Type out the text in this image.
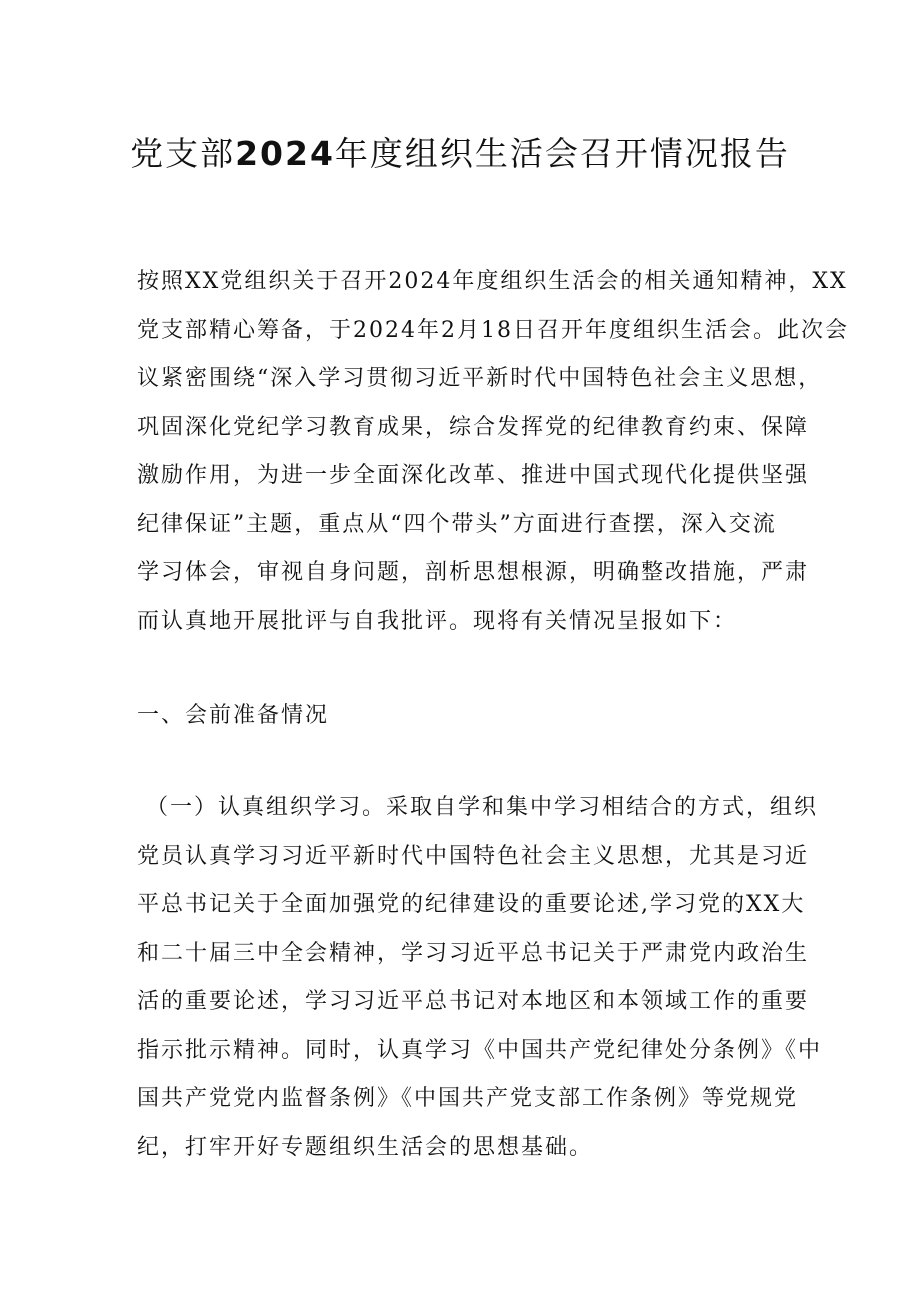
党支部2024年度组织生活会召开情况报告
按照XX党组织关于召开2024年度组织生活会的相关通知精神，XX
党支部精心筹备，于2024年2月18日召开年度组织生活会。此次会
议紧密围绕“深入学习贯彻习近平新时代中国特色社会主义思想，
巩固深化党纪学习教育成果，综合发挥党的纪律教育约束、保障
激励作用，为进一步全面深化改革、推进中国式现代化提供坚强
纪律保证”主题，重点从“四个带头”方面进行查摆，深入交流
学习体会，审视自身问题，剖析思想根源，明确整改措施，严肃
而认真地开展批评与自我批评。现将有关情况呈报如下：
一、会前准备情况
（一）认真组织学习。采取自学和集中学习相结合的方式，组织
党员认真学习习近平新时代中国特色社会主义思想，尤其是习近
平总书记关于全面加强党的纪律建设的重要论述,学习党的XX大
和二十届三中全会精神，学习习近平总书记关于严肃党内政治生
活的重要论述，学习习近平总书记对本地区和本领域工作的重要
指示批示精神。同时，认真学习《中国共产党纪律处分条例》《中
国共产党党内监督条例》《中国共产党支部工作条例》等党规党
纪，打牢开好专题组织生活会的思想基础。
